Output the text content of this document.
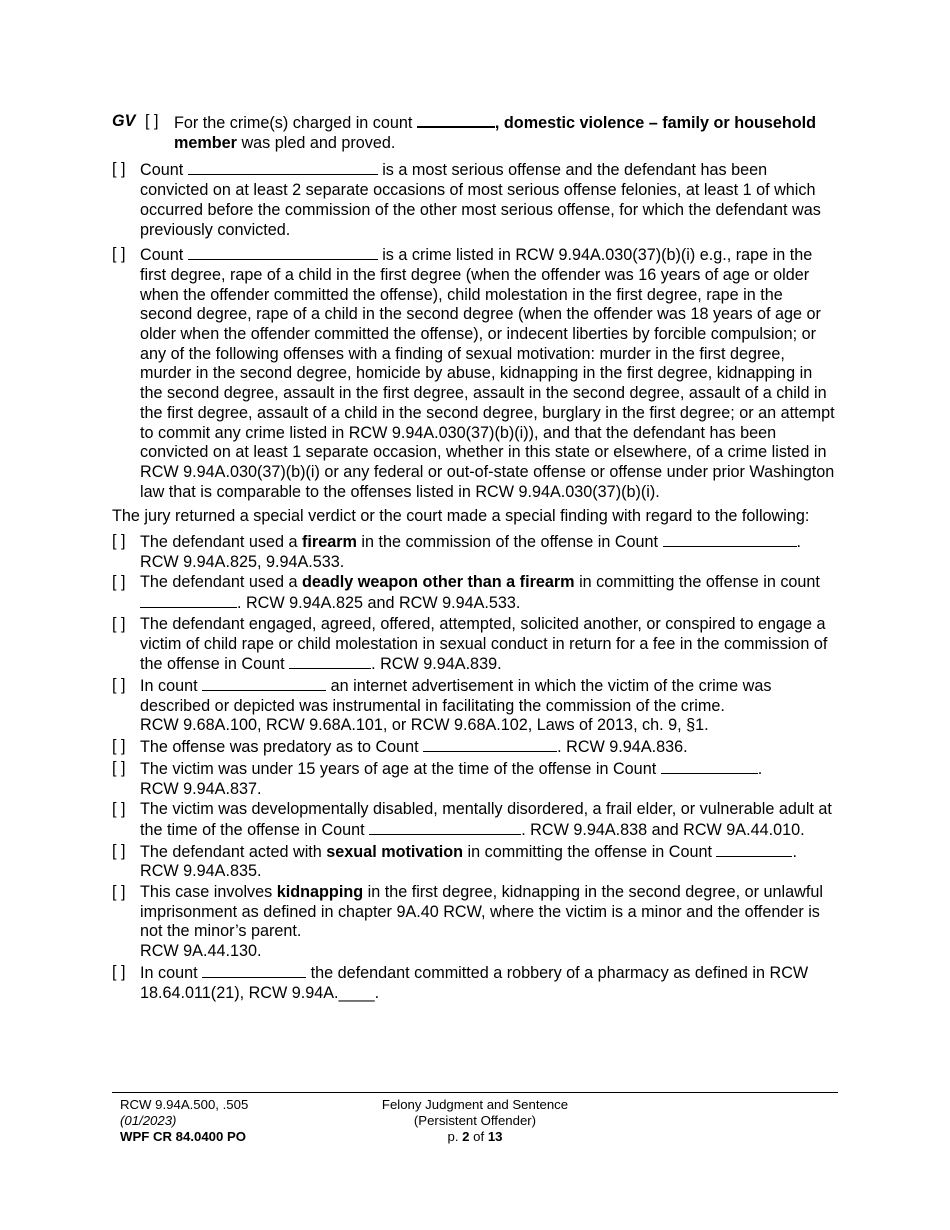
GV [ ] For the crime(s) charged in count	, domestic violence – family or household member was pled and proved.
[ ] Count	is a most serious offense and the defendant has been convicted on at least 2 separate occasions of most serious offense felonies, at least 1 of which occurred before the commission of the other most serious offense, for which the defendant was previously convicted.
[ ] Count	is a crime listed in RCW 9.94A.030(37)(b)(i) e.g., rape in the first degree, rape of a child in the first degree (when the offender was 16 years of age or older when the offender committed the offense), child molestation in the first degree, rape in the second degree, rape of a child in the second degree (when the offender was 18 years of age or older when the offender committed the offense), or indecent liberties by forcible compulsion; or any of the following offenses with a finding of sexual motivation: murder in the first degree, murder in the second degree, homicide by abuse, kidnapping in the first degree, kidnapping in the second degree, assault in the first degree, assault in the second degree, assault of a child in the first degree, assault of a child in the second degree, burglary in the first degree; or an attempt to commit any crime listed in RCW 9.94A.030(37)(b)(i)), and that the defendant has been convicted on at least 1 separate occasion, whether in this state or elsewhere, of a crime listed in RCW 9.94A.030(37)(b)(i) or any federal or out-of-state offense or offense under prior Washington law that is comparable to the offenses listed in RCW 9.94A.030(37)(b)(i).
The jury returned a special verdict or the court made a special finding with regard to the following:
[ ] The defendant used a firearm in the commission of the offense in Count	.
RCW 9.94A.825, 9.94A.533.
[ ] The defendant used a deadly weapon other than a firearm in committing the offense in count . RCW 9.94A.825 and RCW 9.94A.533.
[ ] The defendant engaged, agreed, offered, attempted, solicited another, or conspired to engage a victim of child rape or child molestation in sexual conduct in return for a fee in the commission of the offense in Count	. RCW 9.94A.839.
[ ] In count	an internet advertisement in which the victim of the crime was described or depicted was instrumental in facilitating the commission of the crime.
RCW 9.68A.100, RCW 9.68A.101, or RCW 9.68A.102, Laws of 2013, ch. 9, §1.
[ ] The offense was predatory as to Count	. RCW 9.94A.836.
[ ] The victim was under 15 years of age at the time of the offense in Count	.
RCW 9.94A.837.
[ ] The victim was developmentally disabled, mentally disordered, a frail elder, or vulnerable adult at the time of the offense in Count	. RCW 9.94A.838 and RCW 9A.44.010.
[ ] The defendant acted with sexual motivation in committing the offense in Count	.
RCW 9.94A.835.
[ ] This case involves kidnapping in the first degree, kidnapping in the second degree, or unlawful imprisonment as defined in chapter 9A.40 RCW, where the victim is a minor and the offender is not the minor’s parent.
RCW 9A.44.130.
[ ] In count	the defendant committed a robbery of a pharmacy as defined in RCW 18.64.011(21), RCW 9.94A.____.
RCW 9.94A.500, .505
(01/2023)
WPF CR 84.0400 PO
Felony Judgment and Sentence
(Persistent Offender)
p. 2 of 13
